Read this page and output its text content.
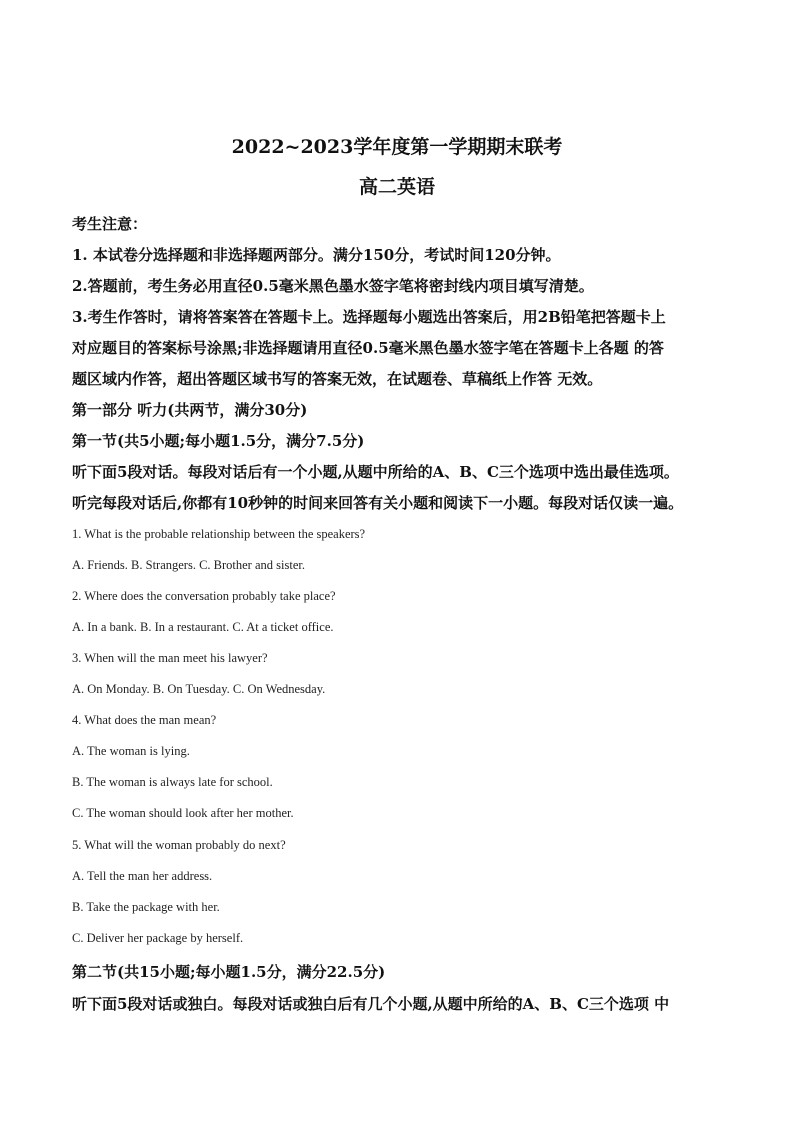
2022~2023学年度第一学期期末联考
高二英语
考生注意：
1. 本试卷分选择题和非选择题两部分。满分150分，考试时间120分钟。
2.答题前，考生务必用直径0.5毫米黑色墨水签字笔将密封线内项目填写清楚。
3.考生作答时，请将答案答在答题卡上。选择题每小题选出答案后，用2B铅笔把答题卡上
对应题目的答案标号涂黑;非选择题请用直径0.5毫米黑色墨水签字笔在答题卡上各题 的答
题区域内作答，超出答题区域书写的答案无效，在试题卷、草稿纸上作答 无效。
第一部分 听力(共两节，满分30分)
第一节(共5小题;每小题1.5分，满分7.5分)
听下面5段对话。每段对话后有一个小题,从题中所给的A、B、C三个选项中选出最佳选项。
听完每段对话后,你都有10秒钟的时间来回答有关小题和阅读下一小题。每段对话仅读一遍。
1. What is the probable relationship between the speakers?
A. Friends. B. Strangers. C. Brother and sister.
2. Where does the conversation probably take place?
A. In a bank. B. In a restaurant. C. At a ticket office.
3. When will the man meet his lawyer?
A. On Monday. B. On Tuesday. C. On Wednesday.
4. What does the man mean?
A. The woman is lying.
B. The woman is always late for school.
C. The woman should look after her mother.
5. What will the woman probably do next?
A. Tell the man her address.
B. Take the package with her.
C. Deliver her package by herself.
第二节(共15小题;每小题1.5分，满分22.5分)
听下面5段对话或独白。每段对话或独白后有几个小题,从题中所给的A、B、C三个选项 中
